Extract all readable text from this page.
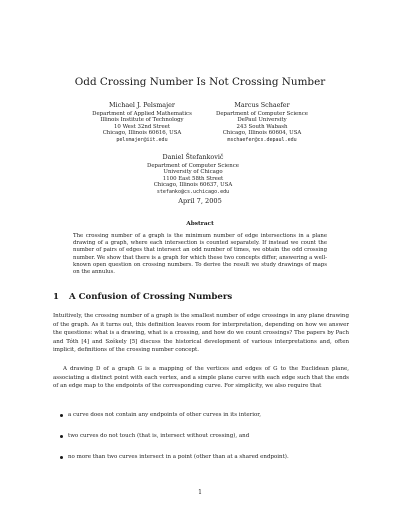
Odd Crossing Number Is Not Crossing Number
Michael J. Pelsmajer
Department of Applied Mathematics
Illinois Institute of Technology
10 West 32nd Street
Chicago, Illinois 60616, USA
pelsmajer@iit.edu
Marcus Schaefer
Department of Computer Science
DePaul University
243 South Wabash
Chicago, Illinois 60604, USA
mschaefer@cs.depaul.edu
Daniel Štefankovič
Department of Computer Science
University of Chicago
1100 East 58th Street
Chicago, Illinois 60637, USA
stefanko@cs.uchicago.edu
April 7, 2005
Abstract
The crossing number of a graph is the minimum number of edge intersections in a plane drawing of a graph, where each intersection is counted separately. If instead we count the number of pairs of edges that intersect an odd number of times, we obtain the odd crossing number. We show that there is a graph for which these two concepts differ, answering a well-known open question on crossing numbers. To derive the result we study drawings of maps on the annulus.
1 A Confusion of Crossing Numbers
Intuitively, the crossing number of a graph is the smallest number of edge crossings in any plane drawing of the graph. As it turns out, this definition leaves room for interpretation, depending on how we answer the questions: what is a drawing, what is a crossing, and how do we count crossings? The papers by Pach and Tóth [4] and Székely [5] discuss the historical development of various interpretations and, often implicit, definitions of the crossing number concept.
A drawing D of a graph G is a mapping of the vertices and edges of G to the Euclidean plane, associating a distinct point with each vertex, and a simple plane curve with each edge such that the ends of an edge map to the endpoints of the corresponding curve. For simplicity, we also require that
a curve does not contain any endpoints of other curves in its interior,
two curves do not touch (that is, intersect without crossing), and
no more than two curves intersect in a point (other than at a shared endpoint).
1
